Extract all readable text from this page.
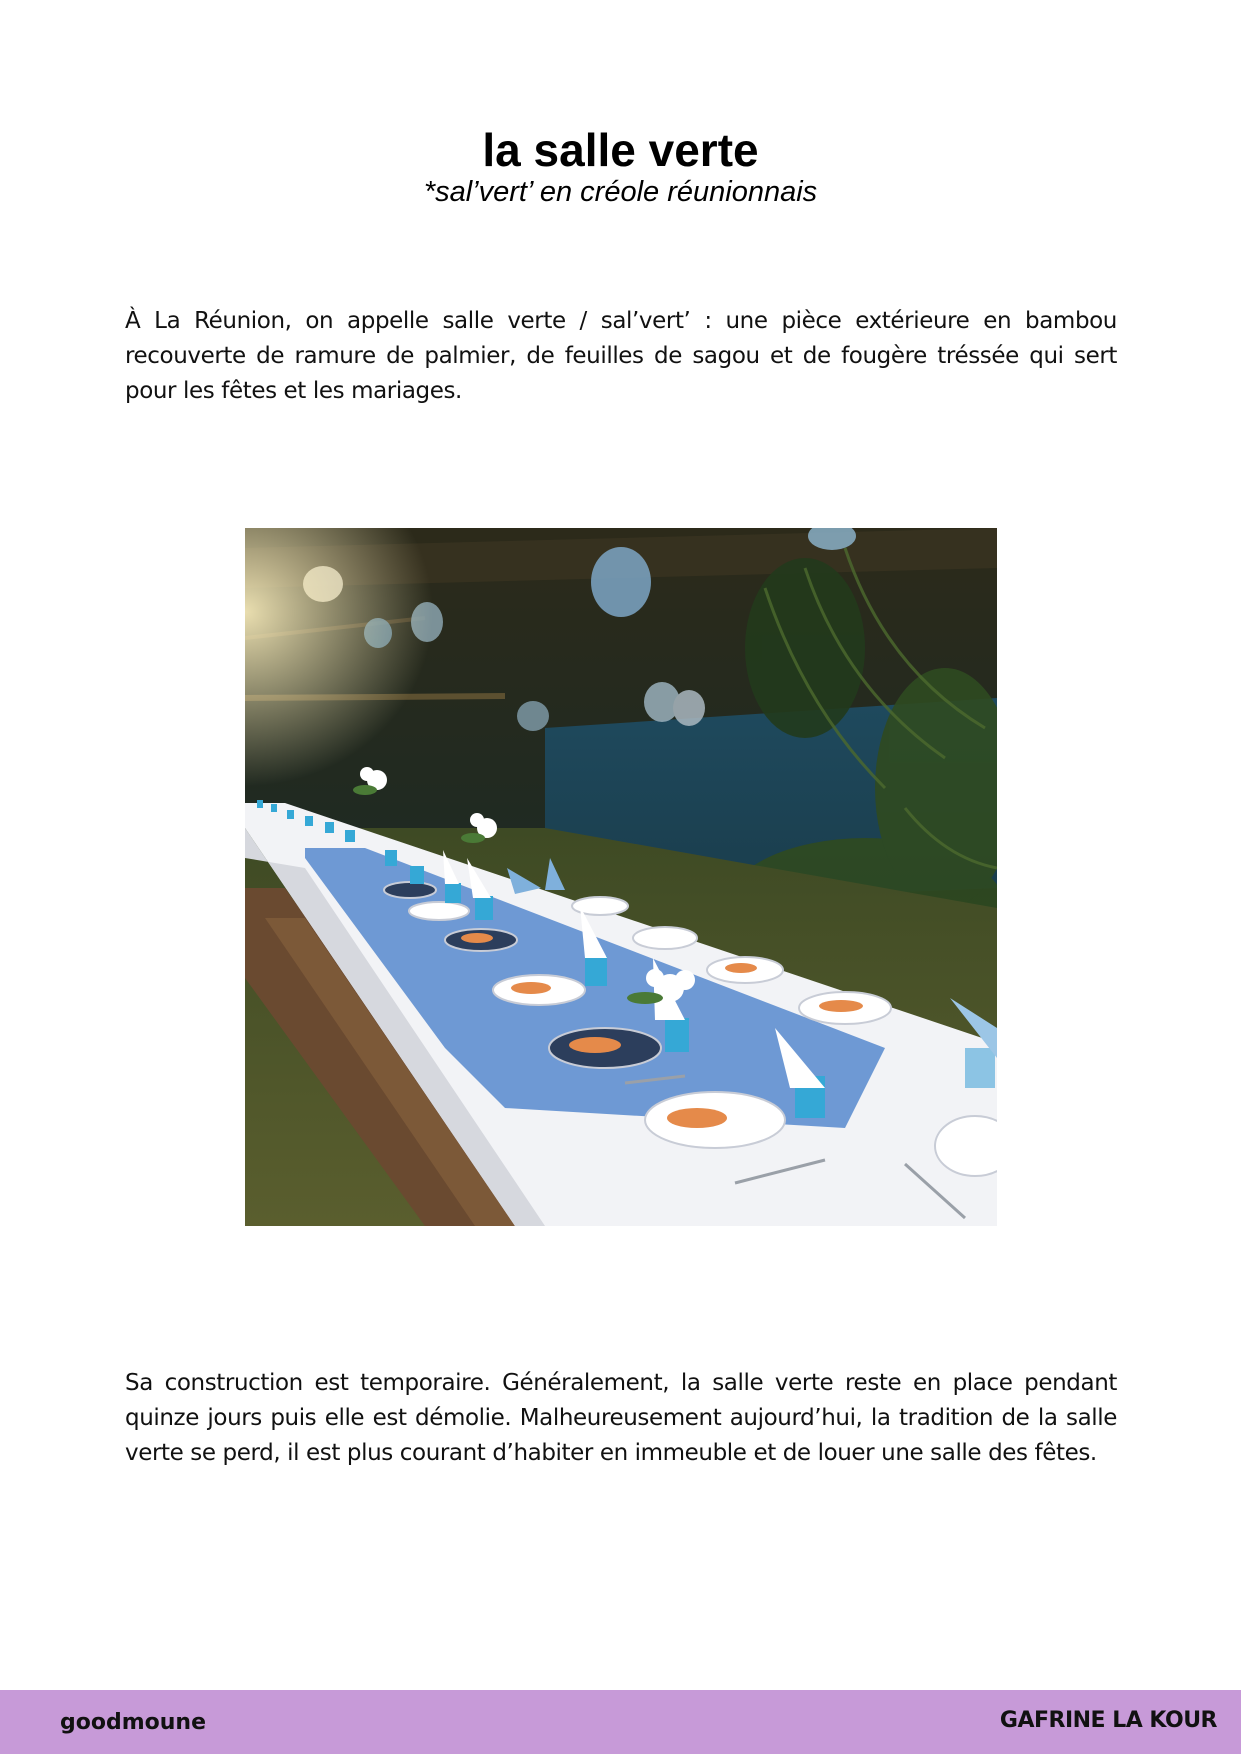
la salle verte
*sal’vert’ en créole réunionnais

À La Réunion, on appelle salle verte / sal’vert’ : une pièce extérieure en bambou recouverte de ramure de palmier, de feuilles de sagou et de fougère tréssée qui sert pour les fêtes et les mariages.

Sa construction est temporaire. Généralement, la salle verte reste en place pendant quinze jours puis elle est démolie. Malheureusement aujourd’hui, la tradition de la salle verte se perd, il est plus courant d’habiter en immeuble et de louer une salle des fêtes.

goodmoune	GAFRINE LA KOUR
